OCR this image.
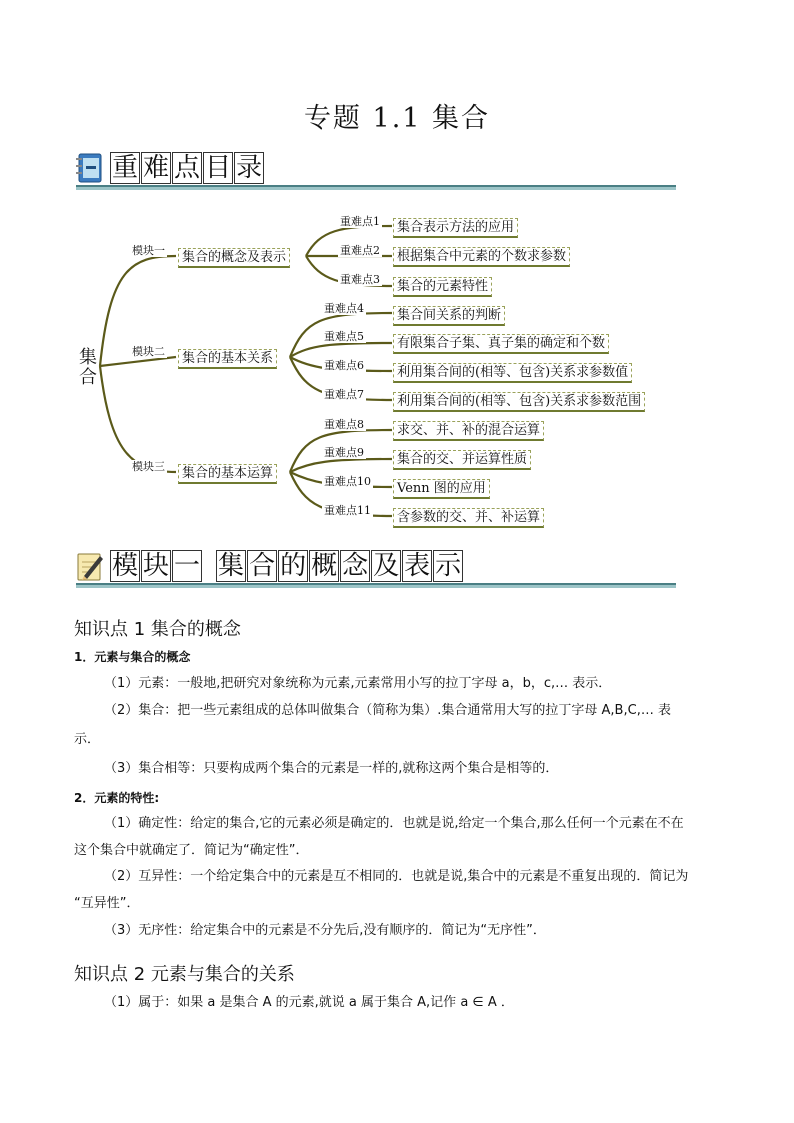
专题 1.1 集合
重 难 点 目 录
集合
模块一	集合的概念及表示
模块二	集合的基本关系
模块三	集合的基本运算
重难点1	集合表示方法的应用
重难点2	根据集合中元素的个数求参数
重难点3	集合的元素特性
重难点4	集合间关系的判断
重难点5	有限集合子集、真子集的确定和个数
重难点6	利用集合间的(相等、包含)关系求参数值
重难点7	利用集合间的(相等、包含)关系求参数范围
重难点8	求交、并、补的混合运算
重难点9	集合的交、并运算性质
重难点10	Venn 图的应用
重难点11	含参数的交、并、补运算
模 块 一 集 合 的 概 念 及 表 示
知识点 1 集合的概念
1．元素与集合的概念
（1）元素：一般地,把研究对象统称为元素,元素常用小写的拉丁字母 a，b，c,… 表示．
（2）集合：把一些元素组成的总体叫做集合（简称为集）.集合通常用大写的拉丁字母 A,B,C,… 表
示．
（3）集合相等：只要构成两个集合的元素是一样的,就称这两个集合是相等的．
2．元素的特性:
（1）确定性：给定的集合,它的元素必须是确定的．也就是说,给定一个集合,那么任何一个元素在不在
这个集合中就确定了．简记为“确定性”．
（2）互异性：一个给定集合中的元素是互不相同的．也就是说,集合中的元素是不重复出现的．简记为
“互异性”．
（3）无序性：给定集合中的元素是不分先后,没有顺序的．简记为“无序性”．
知识点 2 元素与集合的关系
（1）属于：如果 a 是集合 A 的元素,就说 a 属于集合 A,记作 a ∈ A ．
